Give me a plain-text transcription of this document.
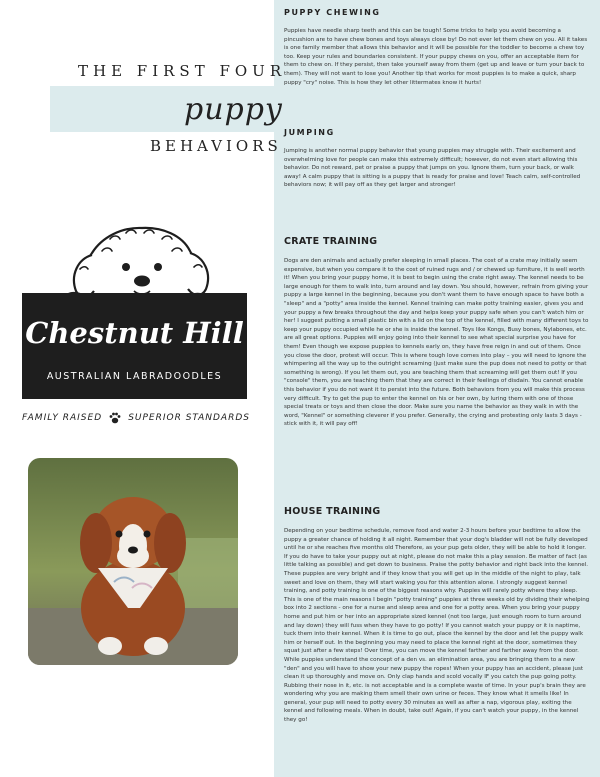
THE FIRST FOUR
puppy
BEHAVIORS
Chestnut Hill
AUSTRALIAN LABRADOODLES
FAMILY RAISED	SUPERIOR STANDARDS
PUPPY CHEWING

Puppies have needle sharp teeth and this can be tough! Some tricks to help you avoid becoming a pincushion are to have chew bones and toys always close by! Do not ever let them chew on you. All it takes is one family member that allows this behavior and it will be possible for the toddler to become a chew toy too. Keep your rules and boundaries consistent. If your puppy chews on you, offer an acceptable item for them to chew on. If they persist, then take yourself away from them (get up and leave or turn your back to them). They will not want to lose you! Another tip that works for most puppies is to make a quick, sharp puppy "cry" noise. This is how they let other littermates know it hurts!

JUMPING

Jumping is another normal puppy behavior that young puppies may struggle with. Their excitement and overwhelming love for people can make this extremely difficult; however, do not even start allowing this behavior. Do not reward, pet or praise a puppy that jumps on you. Ignore them, turn your back, or walk away! A calm puppy that is sitting is a puppy that is ready for praise and love! Teach calm, self-controlled behaviors now; it will pay off as they get larger and stronger!

CRATE TRAINING

Dogs are den animals and actually prefer sleeping in small places. The cost of a crate may initially seem expensive, but when you compare it to the cost of ruined rugs and / or chewed up furniture, it is well worth it! When you bring your puppy home, it is best to begin using the crate right away. The kennel needs to be large enough for them to walk into, turn around and lay down. You should, however, refrain from giving your puppy a large kennel in the beginning, because you don't want them to have enough space to have both a "sleep" and a "potty" area inside the kennel. Kennel training can make potty training easier, gives you and your puppy a few breaks throughout the day and helps keep your puppy safe when you can't watch him or her! I suggest putting a small plastic bin with a lid on the top of the kennel, filled with many different toys to keep your puppy occupied while he or she is inside the kennel. Toys like Kongs, Busy bones, Nylabones, etc. are all great options. Puppies will enjoy going into their kennel to see what special surprise you have for them! Even though we expose puppies to kennels early on, they have free reign in and out of them. Once you close the door, protest will occur. This is where tough love comes into play – you will need to ignore the whimpering all the way up to the outright screaming (just make sure the pup does not need to potty or that something is wrong). If you let them out, you are teaching them that screaming will get them out! If you "console" them, you are teaching them that they are correct in their feelings of disdain. You cannot enable this behavior if you do not want it to persist into the future. Both behaviors from you will make this process very difficult. Try to get the pup to enter the kennel on his or her own, by luring them with one of those special treats or toys and then close the door. Make sure you name the behavior as they walk in with the word, "Kennel" or something cleverer if you prefer. Generally, the crying and protesting only lasts 3 days - stick with it, it will pay off!

HOUSE TRAINING

Depending on your bedtime schedule, remove food and water 2-3 hours before your bedtime to allow the puppy a greater chance of holding it all night. Remember that your dog's bladder will not be fully developed until he or she reaches five months old Therefore, as your pup gets older, they will be able to hold it longer. If you do have to take your puppy out at night, please do not make this a play session. Be matter of fact (as little talking as possible) and get down to business. Praise the potty behavior and right back into the kennel. These puppies are very bright and if they know that you will get up in the middle of the night to play, talk sweet and love on them, they will start waking you for this attention alone. I strongly suggest kennel training, and potty training is one of the biggest reasons why. Puppies will rarely potty where they sleep. This is one of the main reasons I begin "potty training" puppies at three weeks old by dividing their whelping box into 2 sections - one for a nurse and sleep area and one for a potty area. When you bring your puppy home and put him or her into an appropriate sized kennel (not too large, just enough room to turn around and lay down) they will fuss when they have to go potty! If you cannot watch your puppy or it is naptime, tuck them into their kennel. When it is time to go out, place the kennel by the door and let the puppy walk him or herself out. In the beginning you may need to place the kennel right at the door, sometimes they squat just after a few steps! Over time, you can move the kennel farther and farther away from the door. While puppies understand the concept of a den vs. an elimination area, you are bringing them to a new "den" and you will have to show your new puppy the ropes! When your puppy has an accident, please just clean it up thoroughly and move on. Only clap hands and scold vocally IF you catch the pup going potty. Rubbing their nose in it, etc. is not acceptable and is a complete waste of time. In your pup's brain they are wondering why you are making them smell their own urine or feces. They know what it smells like! In general, your pup will need to potty every 30 minutes as well as after a nap, vigorous play, exiting the kennel and following meals. When in doubt, take out! Again, if you can't watch your puppy, in the kennel they go!
